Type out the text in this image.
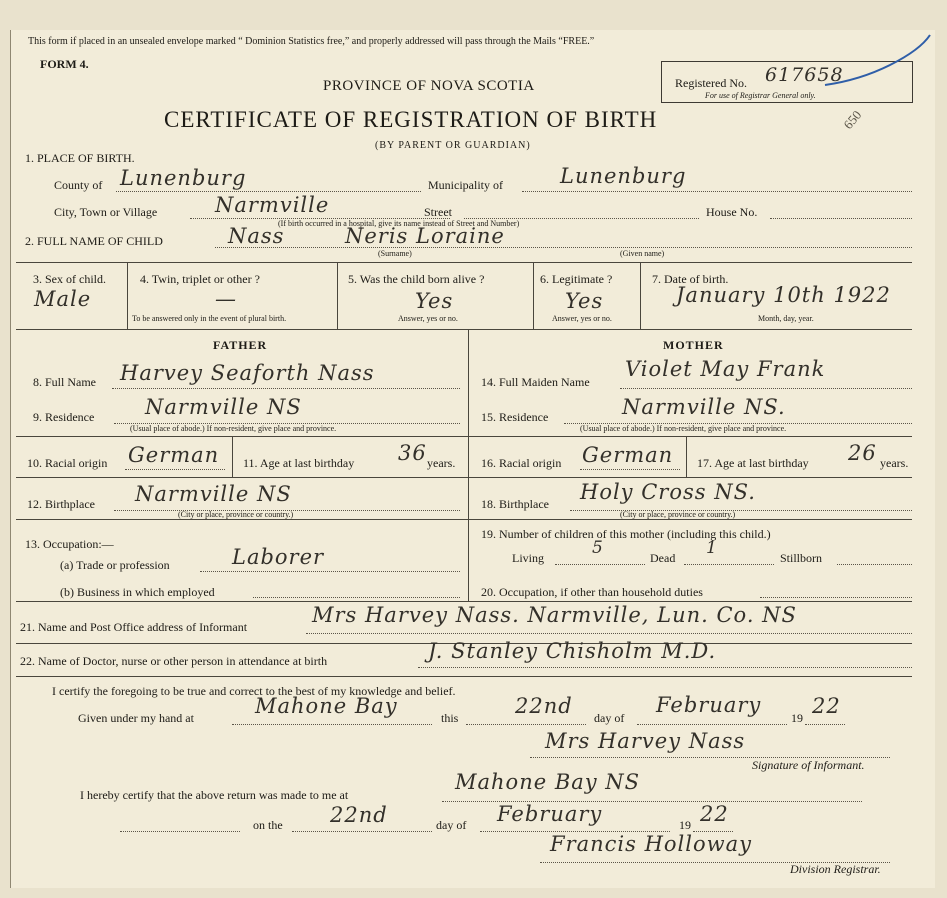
This form if placed in an unsealed envelope marked “ Dominion Statistics free,” and properly addressed will pass through the Mails “FREE.”
FORM 4.
PROVINCE OF NOVA SCOTIA
CERTIFICATE OF REGISTRATION OF BIRTH
(BY PARENT OR GUARDIAN)
Registered No. 617658
For use of Registrar General only.
650
1. PLACE OF BIRTH.
County of Lunenburg	Municipality of	Lunenburg
City, Town or Village	Narmville	Street	House No.
(If birth occurred in a hospital, give its name instead of Street and Number)
2. FULL NAME OF CHILD	Nass	Neris Loraine
(Surname)	(Given name)
3. Sex of child.
Male
4. Twin, triplet or other ?
—
To be answered only in the event of plural birth.
5. Was the child born alive ?
Yes
Answer, yes or no.
6. Legitimate ?
Yes
Answer, yes or no.
7. Date of birth.
January 10th 1922
Month, day, year.
FATHER	MOTHER
8. Full Name Harvey Seaforth Nass
9. Residence Narmville NS
(Usual place of abode.) If non-resident, give place and province.
10. Racial origin German 11. Age at last birthday 36 years.
12. Birthplace Narmville NS
(City or place, province or country.)
14. Full Maiden Name
Violet May Frank
15. Residence	Narmville NS.
(Usual place of abode.) If non-resident, give place and province.
16. Racial origin German 17. Age at last birthday 26 years.
18. Birthplace Holy Cross NS.
(City or place, province or country.)
19. Number of children of this mother (including this child.)
Living	5	Dead 1	Stillborn
20. Occupation, if other than household duties
13. Occupation:—
(a) Trade or profession	Laborer
(b) Business in which employed
21. Name and Post Office address of Informant	Mrs Harvey Nass. Narmville, Lun. Co. NS
22. Name of Doctor, nurse or other person in attendance at birth	J. Stanley Chisholm M.D.
I certify the foregoing to be true and correct to the best of my knowledge and belief.
Given under my hand at	Mahone Bay	this	22nd day of
February
19 22
Mrs Harvey Nass
Signature of Informant.
I hereby certify that the above return was made to me at
Mahone Bay NS
on the 22nd	day of February	19 22
Francis Holloway
Division Registrar.
